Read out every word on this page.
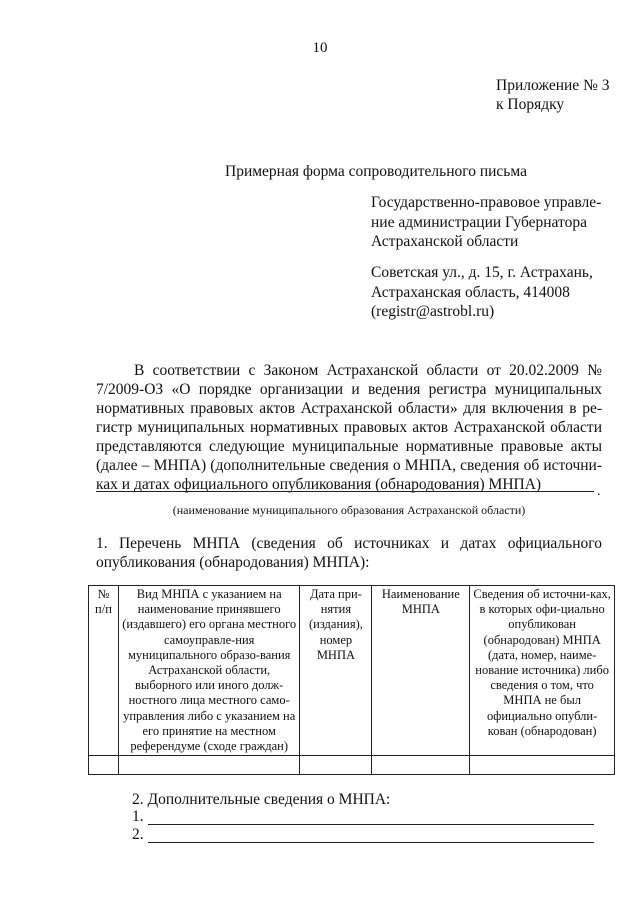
10
Приложение № 3
к Порядку
Примерная форма сопроводительного письма
Государственно-правовое управле-
ние администрации Губернатора
Астраханской области
Советская ул., д. 15, г. Астрахань,
Астраханская область, 414008
(registr@astrobl.ru)
В соответствии с Законом Астраханской области от 20.02.2009 № 7/2009-ОЗ «О порядке организации и ведения регистра муниципальных нормативных правовых актов Астраханской области» для включения в ре-гистр муниципальных нормативных правовых актов Астраханской области представляются следующие муниципальные нормативные правовые акты (далее – МНПА) (дополнительные сведения о МНПА, сведения об источни-ках и датах официального опубликования (обнародования) МНПА)	.
(наименование муниципального образования Астраханской области)
1. Перечень МНПА (сведения об источниках и датах официального опубликования (обнародования) МНПА):
№ п/п	Вид МНПА с указанием на наименование принявшего (издавшего) его органа местного самоуправле-ния муниципального образо-вания Астраханской области, выборного или иного долж-ностного лица местного само-управления либо с указанием на его принятие на местном референдуме (сходе граждан)	Дата при-нятия (издания), номер МНПА	Наименование МНПА	Сведения об источни-ках, в которых офи-циально опубликован (обнародован) МНПА (дата, номер, наиме-нование источника) либо сведения о том, что МНПА не был официально опубли-кован (обнародован)

2. Дополнительные сведения о МНПА:
1.
2.
